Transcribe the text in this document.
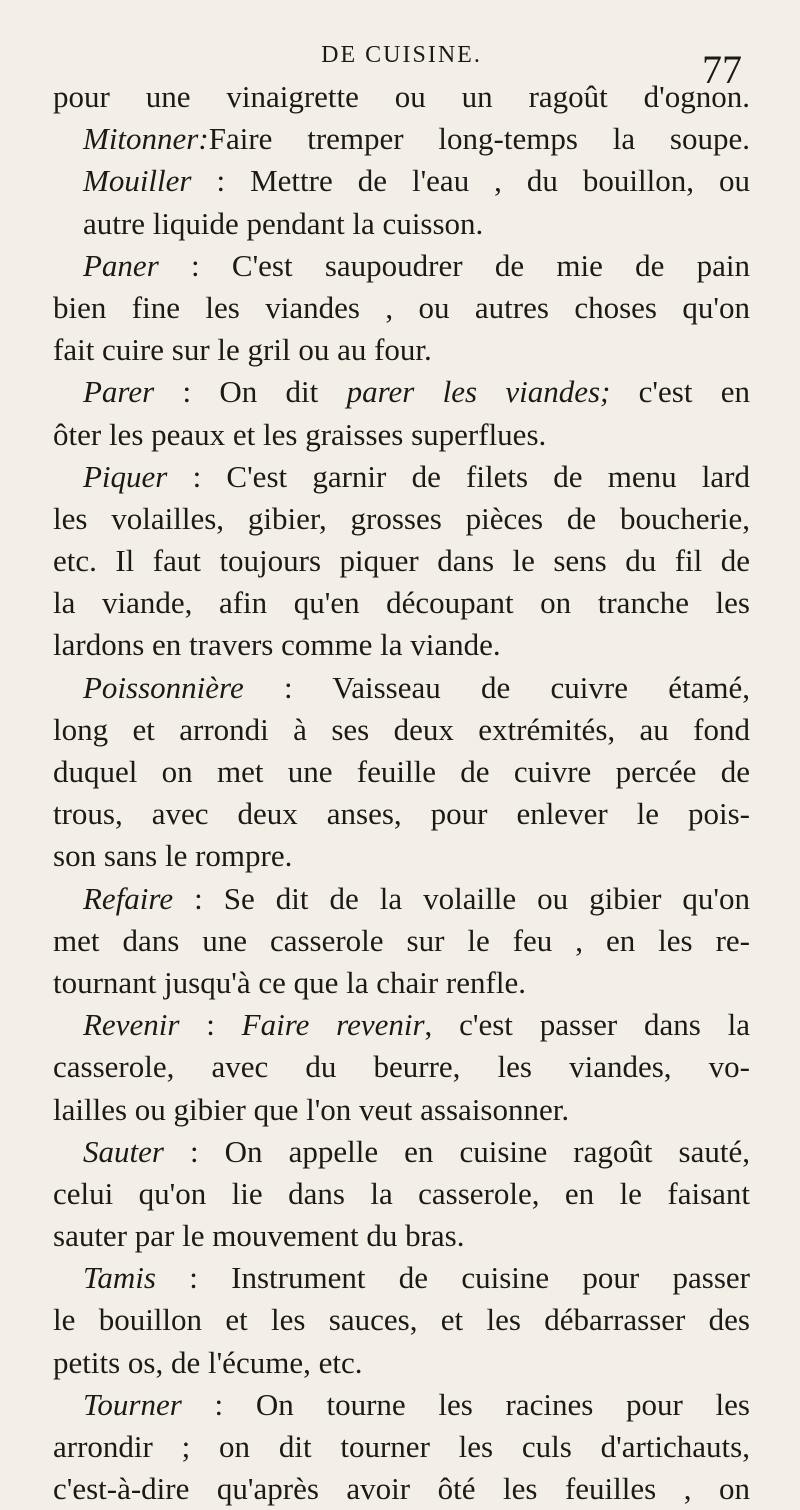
DE CUISINE.	77
pour une vinaigrette ou un ragoût d'ognon.
Mitonner:Faire tremper long-temps la soupe.
Mouiller : Mettre de l'eau , du bouillon, ou
autre liquide pendant la cuisson.
Paner : C'est saupoudrer de mie de pain
bien fine les viandes , ou autres choses qu'on
fait cuire sur le gril ou au four.
Parer : On dit parer les viandes; c'est en
ôter les peaux et les graisses superflues.
Piquer : C'est garnir de filets de menu lard
les volailles, gibier, grosses pièces de boucherie,
etc. Il faut toujours piquer dans le sens du fil de
la viande, afin qu'en découpant on tranche les
lardons en travers comme la viande.
Poissonnière : Vaisseau de cuivre étamé,
long et arrondi à ses deux extrémités, au fond
duquel on met une feuille de cuivre percée de
trous, avec deux anses, pour enlever le pois-
son sans le rompre.
Refaire : Se dit de la volaille ou gibier qu'on
met dans une casserole sur le feu , en les re-
tournant jusqu'à ce que la chair renfle.
Revenir : Faire revenir, c'est passer dans la
casserole, avec du beurre, les viandes, vo-
lailles ou gibier que l'on veut assaisonner.
Sauter : On appelle en cuisine ragoût sauté,
celui qu'on lie dans la casserole, en le faisant
sauter par le mouvement du bras.
Tamis : Instrument de cuisine pour passer
le bouillon et les sauces, et les débarrasser des
petits os, de l'écume, etc.
Tourner : On tourne les racines pour les
arrondir ; on dit tourner les culs d'artichauts,
c'est-à-dire qu'après avoir ôté les feuilles , on
